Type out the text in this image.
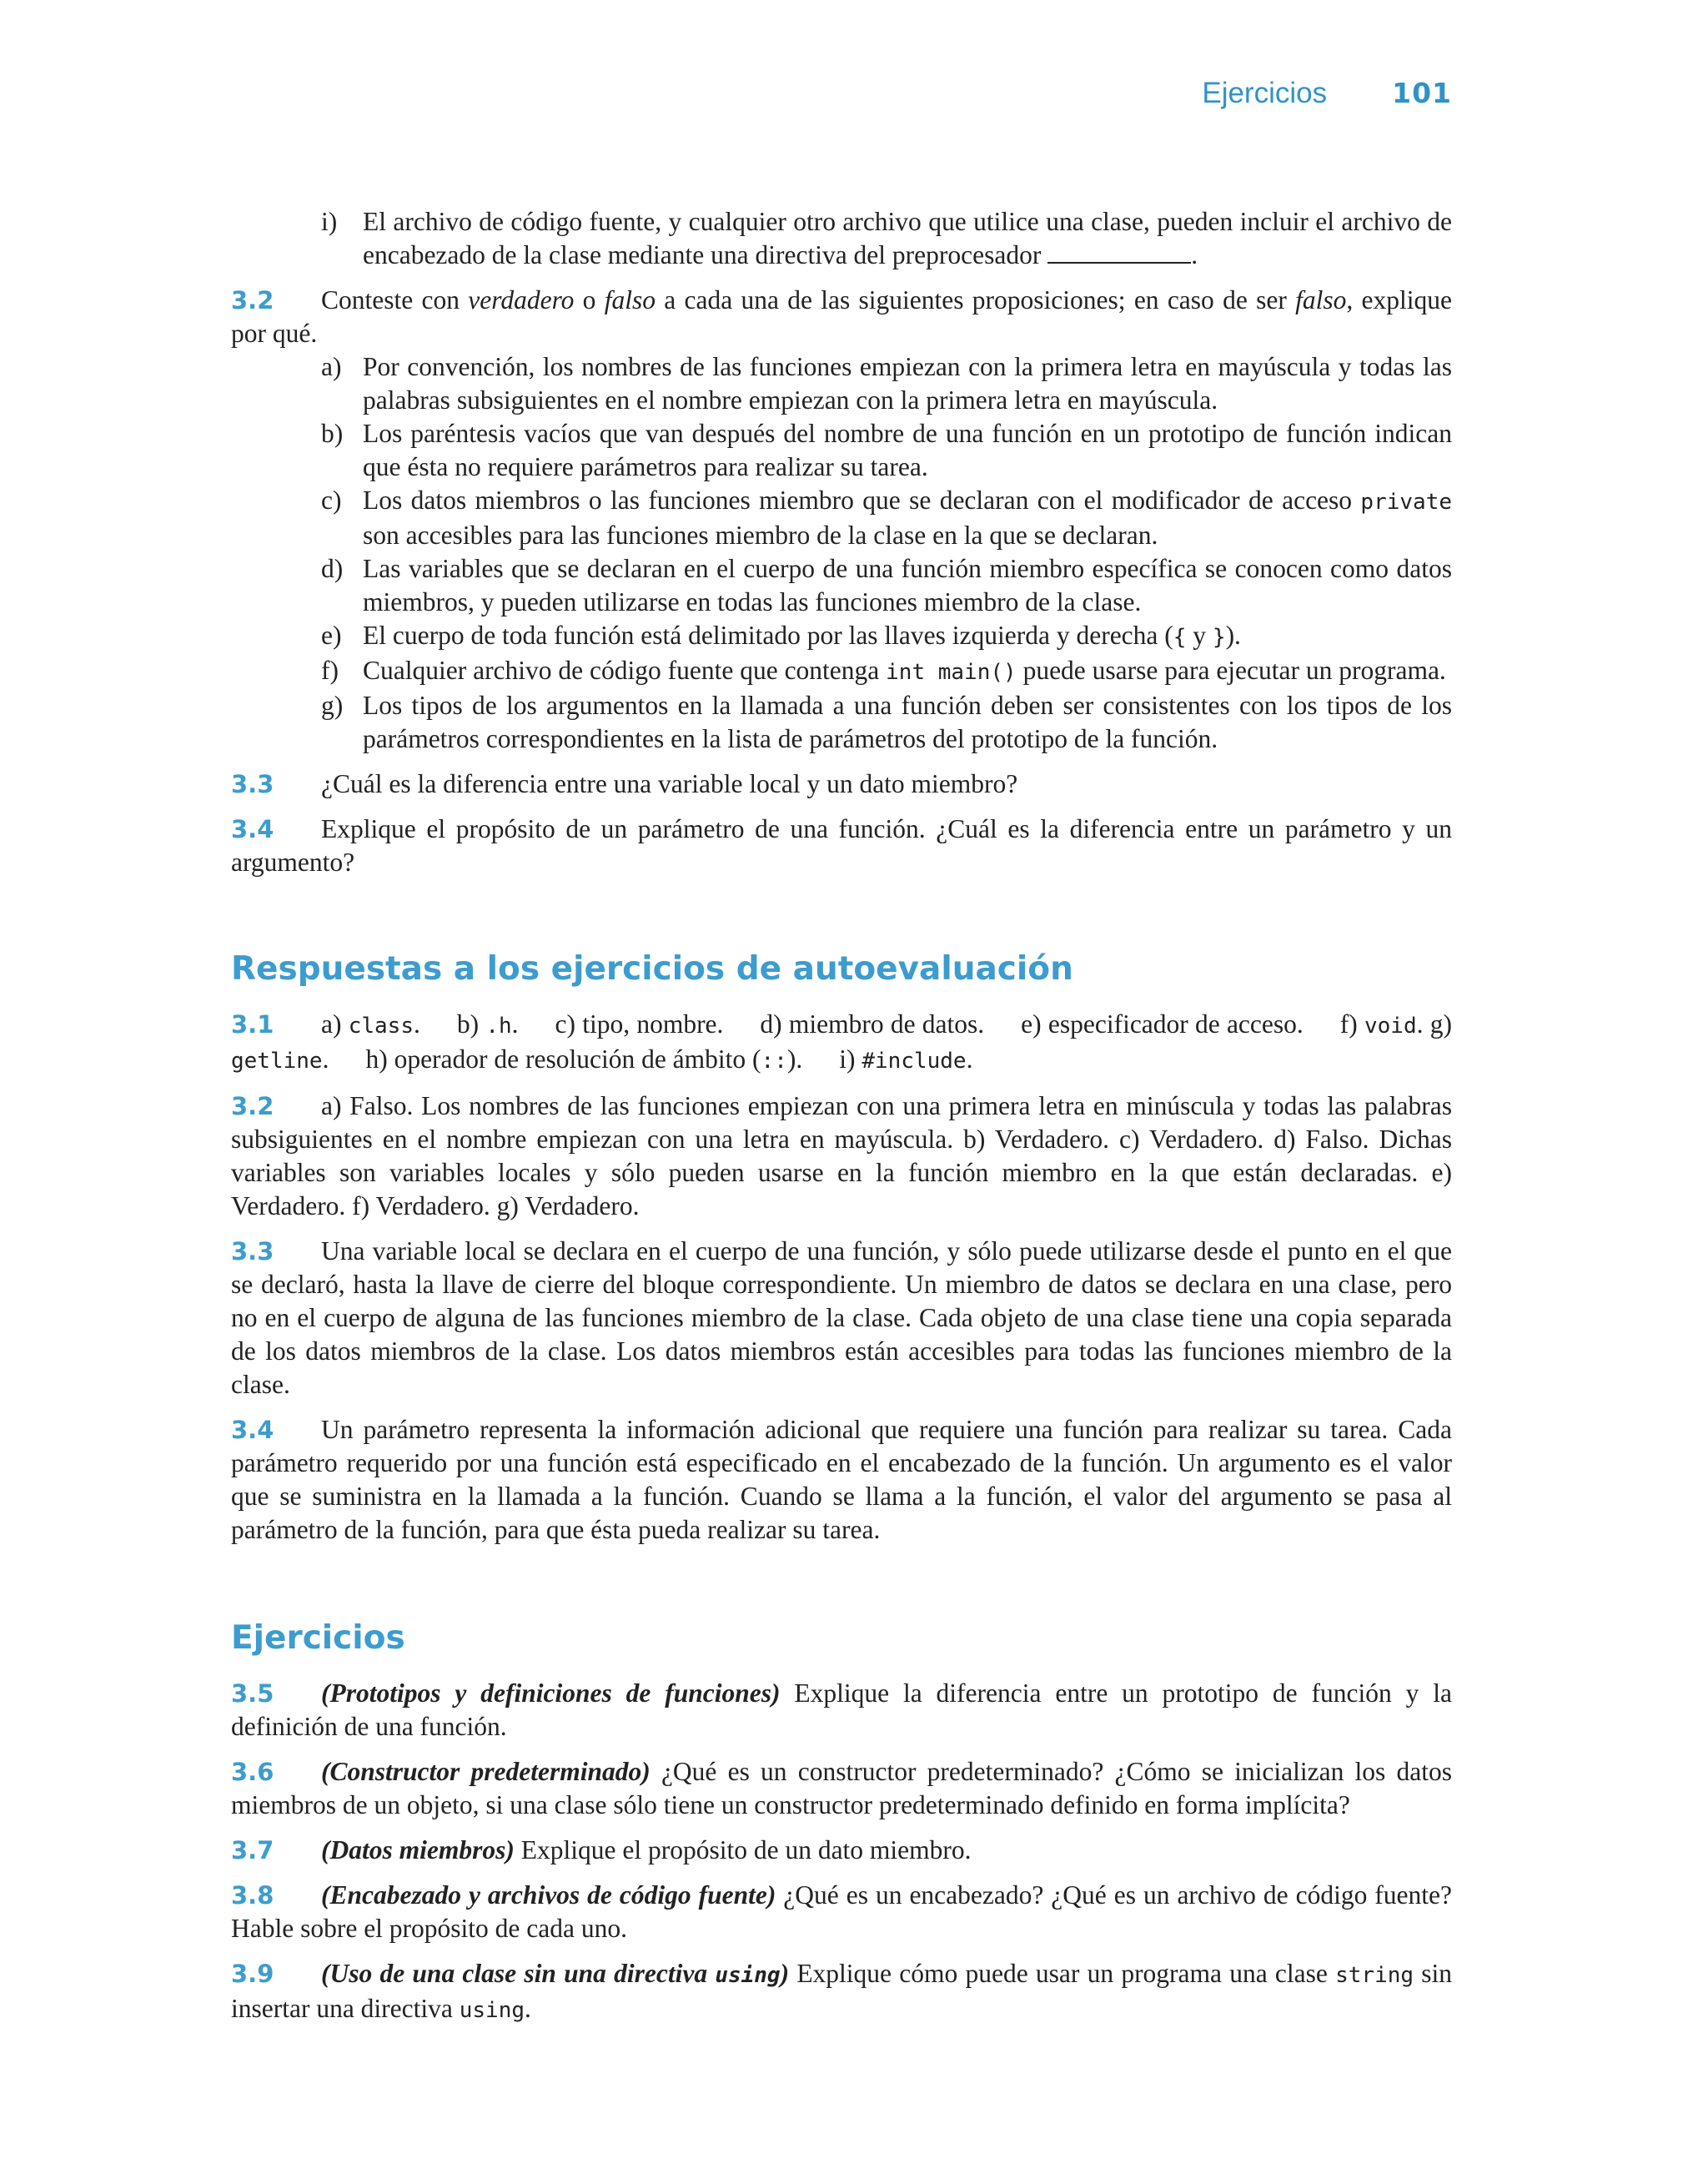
Ejercicios 101
i) El archivo de código fuente, y cualquier otro archivo que utilice una clase, pueden incluir el archivo de encabezado de la clase mediante una directiva del preprocesador	.

3.2 Conteste con verdadero o falso a cada una de las siguientes proposiciones; en caso de ser falso, explique por qué.

a) Por convención, los nombres de las funciones empiezan con la primera letra en mayúscula y todas las palabras subsiguientes en el nombre empiezan con la primera letra en mayúscula.
b) Los paréntesis vacíos que van después del nombre de una función en un prototipo de función indican que ésta no requiere parámetros para realizar su tarea.
c) Los datos miembros o las funciones miembro que se declaran con el modificador de acceso private son accesibles para las funciones miembro de la clase en la que se declaran.
d) Las variables que se declaran en el cuerpo de una función miembro específica se conocen como datos miembros, y pueden utilizarse en todas las funciones miembro de la clase.
e) El cuerpo de toda función está delimitado por las llaves izquierda y derecha ({ y }).
f) Cualquier archivo de código fuente que contenga int main() puede usarse para ejecutar un programa.
g) Los tipos de los argumentos en la llamada a una función deben ser consistentes con los tipos de los parámetros correspondientes en la lista de parámetros del prototipo de la función.

3.3 ¿Cuál es la diferencia entre una variable local y un dato miembro?

3.4 Explique el propósito de un parámetro de una función. ¿Cuál es la diferencia entre un parámetro y un argumento?

Respuestas a los ejercicios de autoevaluación

3.1 a) class. b) .h. c) tipo, nombre. d) miembro de datos. e) especificador de acceso. f) void. g) getline. h) operador de resolución de ámbito (::). i) #include.

3.2 a) Falso. Los nombres de las funciones empiezan con una primera letra en minúscula y todas las palabras subsiguientes en el nombre empiezan con una letra en mayúscula. b) Verdadero. c) Verdadero. d) Falso. Dichas variables son variables locales y sólo pueden usarse en la función miembro en la que están declaradas. e) Verdadero. f) Verdadero. g) Verdadero.

3.3 Una variable local se declara en el cuerpo de una función, y sólo puede utilizarse desde el punto en el que se declaró, hasta la llave de cierre del bloque correspondiente. Un miembro de datos se declara en una clase, pero no en el cuerpo de alguna de las funciones miembro de la clase. Cada objeto de una clase tiene una copia separada de los datos miembros de la clase. Los datos miembros están accesibles para todas las funciones miembro de la clase.

3.4 Un parámetro representa la información adicional que requiere una función para realizar su tarea. Cada parámetro requerido por una función está especificado en el encabezado de la función. Un argumento es el valor que se suministra en la llamada a la función. Cuando se llama a la función, el valor del argumento se pasa al parámetro de la función, para que ésta pueda realizar su tarea.

Ejercicios

3.5 (Prototipos y definiciones de funciones) Explique la diferencia entre un prototipo de función y la definición de una función.

3.6 (Constructor predeterminado) ¿Qué es un constructor predeterminado? ¿Cómo se inicializan los datos miembros de un objeto, si una clase sólo tiene un constructor predeterminado definido en forma implícita?

3.7 (Datos miembros) Explique el propósito de un dato miembro.

3.8 (Encabezado y archivos de código fuente) ¿Qué es un encabezado? ¿Qué es un archivo de código fuente? Hable sobre el propósito de cada uno.

3.9 (Uso de una clase sin una directiva using) Explique cómo puede usar un programa una clase string sin insertar una directiva using.
